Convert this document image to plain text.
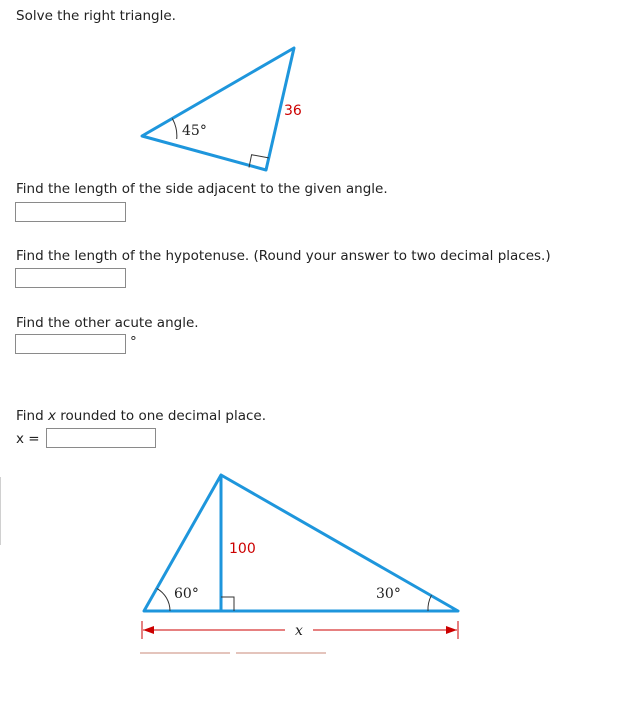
Solve the right triangle.
45°
36
Find the length of the side adjacent to the given angle.
Find the length of the hypotenuse. (Round your answer to two decimal places.)
Find the other acute angle.
°
Find x rounded to one decimal place.
x =
60°	30°
100
x
